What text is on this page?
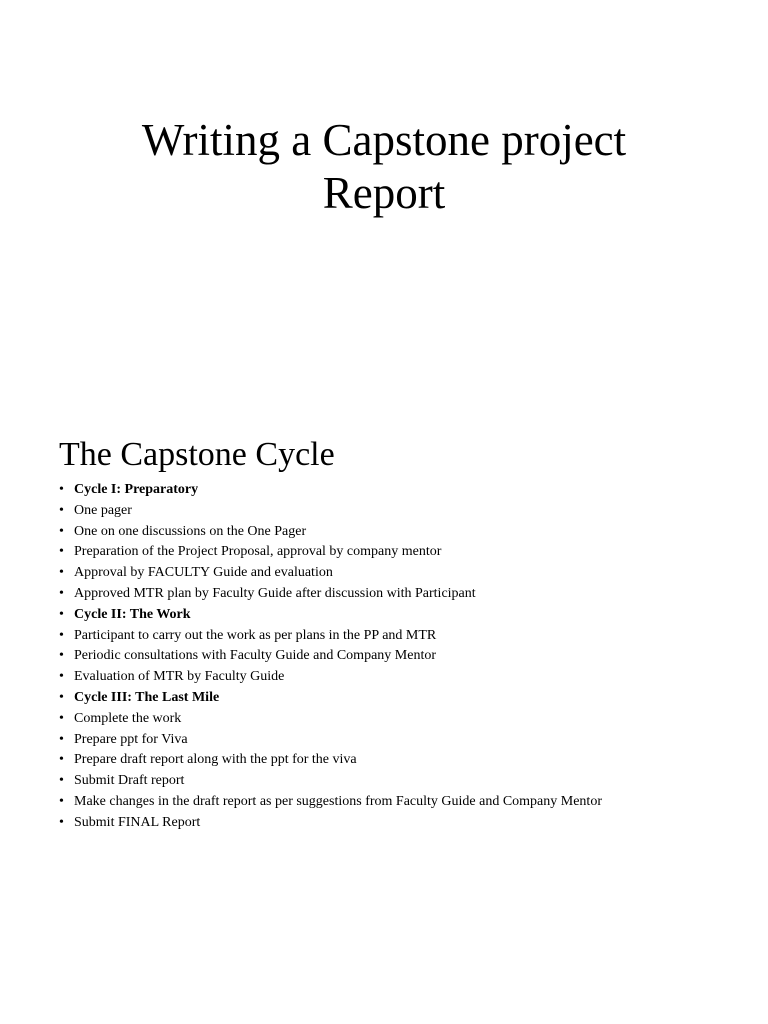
Writing a Capstone project
Report
The Capstone Cycle
• Cycle I: Preparatory
• One pager
• One on one discussions on the One Pager
• Preparation of the Project Proposal, approval by company mentor
• Approval by FACULTY Guide and evaluation
• Approved MTR plan by Faculty Guide after discussion with Participant
• Cycle II: The Work
• Participant to carry out the work as per plans in the PP and MTR
• Periodic consultations with Faculty Guide and Company Mentor
• Evaluation of MTR by Faculty Guide
• Cycle III: The Last Mile
• Complete the work
• Prepare ppt for Viva
• Prepare draft report along with the ppt for the viva
• Submit Draft report
• Make changes in the draft report as per suggestions from Faculty Guide and Company Mentor
• Submit FINAL Report
